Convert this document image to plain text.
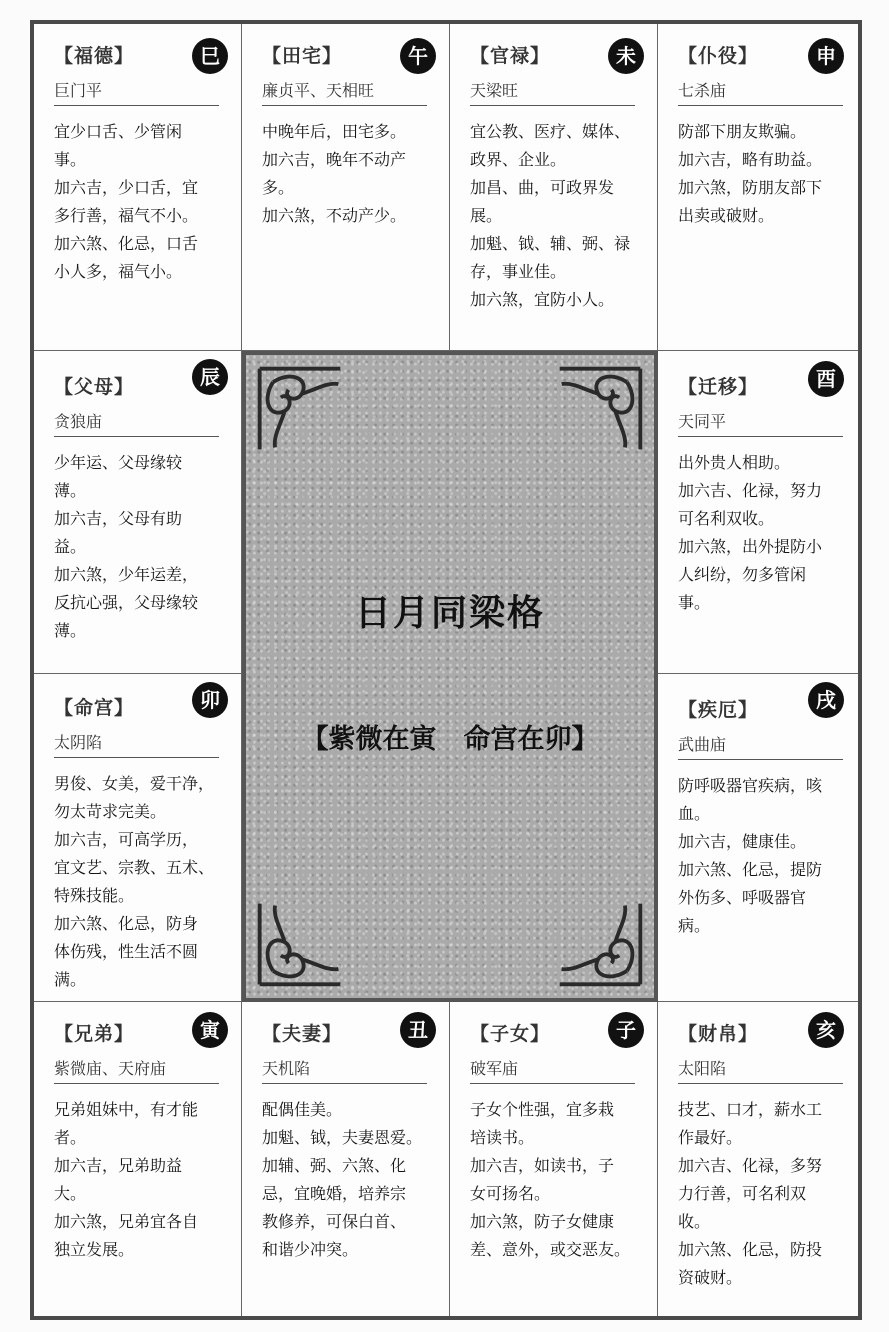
【福德】	巳
巨门平

宜少口舌、少管闲

事。

加六吉，少口舌，宜

多行善，福气不小。

加六煞、化忌，口舌

小人多，福气小。

【田宅】	午
廉贞平、天相旺

中晚年后，田宅多。

加六吉，晚年不动产

多。

加六煞，不动产少。

【官禄】	未
天梁旺

宜公教、医疗、媒体、

政界、企业。

加昌、曲，可政界发

展。

加魁、钺、辅、弼、禄

存，事业佳。

加六煞，宜防小人。

【仆役】	申
七杀庙

防部下朋友欺骗。

加六吉，略有助益。

加六煞，防朋友部下

出卖或破财。

【父母】	辰
贪狼庙

少年运、父母缘较

薄。

加六吉，父母有助

益。

加六煞，少年运差，

反抗心强，父母缘较

薄。

【命宫】	卯
太阴陷

男俊、女美，爱干净，

勿太苛求完美。

加六吉，可高学历，

宜文艺、宗教、五术、

特殊技能。

加六煞、化忌，防身

体伤残，性生活不圆

满。

日月同梁格
【紫微在寅　命宫在卯】
【迁移】	酉
天同平

出外贵人相助。

加六吉、化禄，努力

可名利双收。

加六煞，出外提防小

人纠纷，勿多管闲

事。

【疾厄】	戌
武曲庙

防呼吸器官疾病，咳

血。

加六吉，健康佳。

加六煞、化忌，提防

外伤多、呼吸器官

病。

【兄弟】	寅
紫微庙、天府庙

兄弟姐妹中，有才能

者。

加六吉，兄弟助益

大。

加六煞，兄弟宜各自

独立发展。

【夫妻】	丑
天机陷

配偶佳美。

加魁、钺，夫妻恩爱。

加辅、弼、六煞、化

忌，宜晚婚，培养宗

教修养，可保白首、

和谐少冲突。

【子女】	子
破军庙

子女个性强，宜多栽

培读书。

加六吉，如读书，子

女可扬名。

加六煞，防子女健康

差、意外，或交恶友。

【财帛】	亥
太阳陷

技艺、口才，薪水工

作最好。

加六吉、化禄，多努

力行善，可名利双

收。

加六煞、化忌，防投

资破财。
